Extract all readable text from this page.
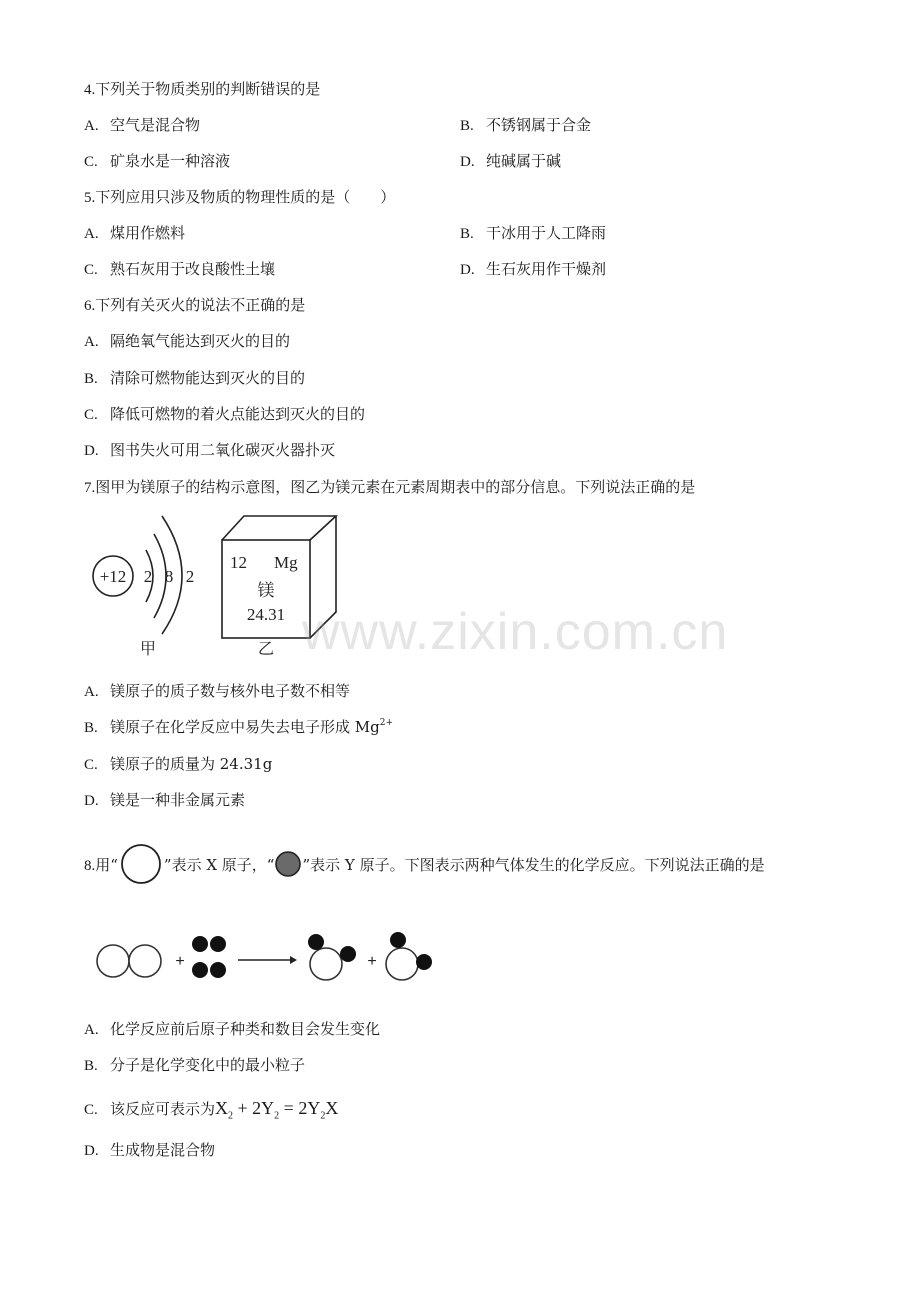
4.下列关于物质类别的判断错误的是
A. 空气是混合物	B. 不锈钢属于合金
C. 矿泉水是一种溶液	D. 纯碱属于碱
5.下列应用只涉及物质的物理性质的是（　　）
A. 煤用作燃料	B. 干冰用于人工降雨
C. 熟石灰用于改良酸性土壤	D. 生石灰用作干燥剂
6.下列有关灭火的说法不正确的是
A. 隔绝氧气能达到灭火的目的
B. 清除可燃物能达到灭火的目的
C. 降低可燃物的着火点能达到灭火的目的
D. 图书失火可用二氧化碳灭火器扑灭
7.图甲为镁原子的结构示意图，图乙为镁元素在元素周期表中的部分信息。下列说法正确的是
+12 2 8 2
甲
12 Mg
镁
24.31
乙 www.zixin.com.cn
A. 镁原子的质子数与核外电子数不相等
B. 镁原子在化学反应中易失去电子形成 $Mg^{2+}$
C. 镁原子的质量为 24.31g
D. 镁是一种非金属元素
8.用“	”表示 X 原子，“ ”表示 Y 原子。下图表示两种气体发生的化学反应。下列说法正确的是
+	+
A. 化学反应前后原子种类和数目会发生变化
B. 分子是化学变化中的最小粒子
C. 该反应可表示为$X_2 + 2Y_2 = 2Y_2X$
D. 生成物是混合物
